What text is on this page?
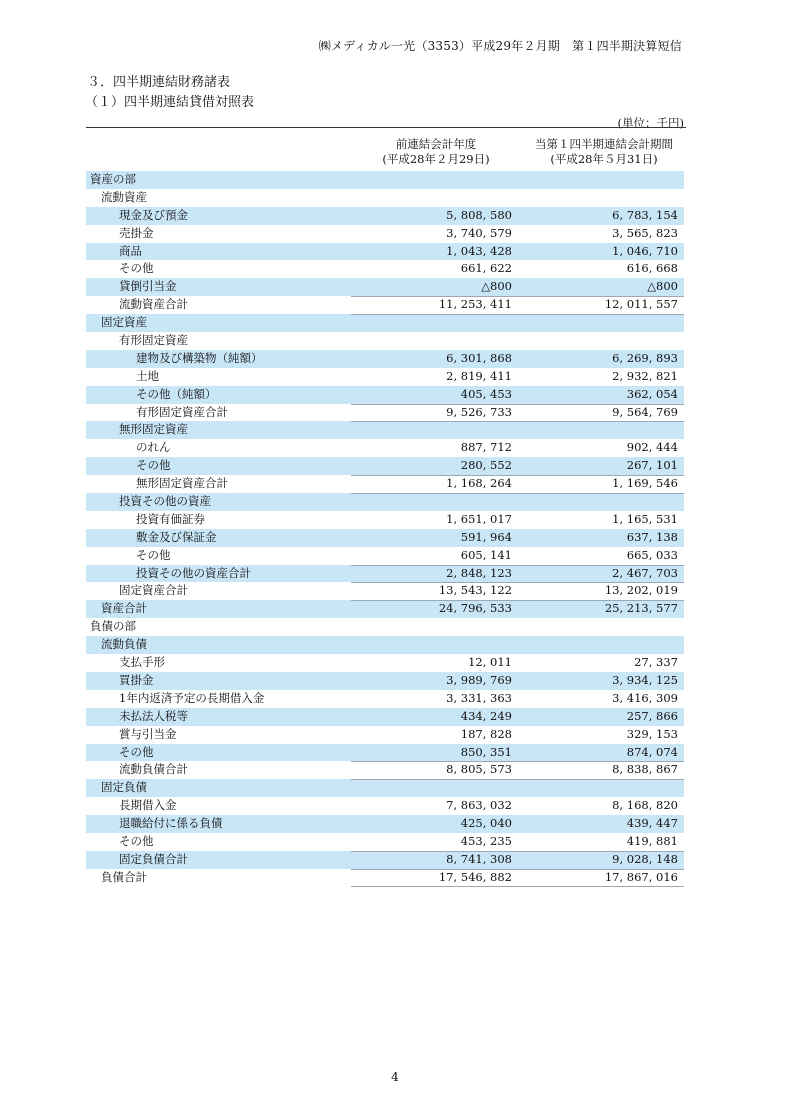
㈱メディカル一光（3353）平成29年２月期　第１四半期決算短信
３．四半期連結財務諸表
（１）四半期連結貸借対照表
(単位：千円)
前連結会計年度
(平成28年２月29日)
当第１四半期連結会計期間
(平成28年５月31日)
資産の部
流動資産
現金及び預金	5, 808, 580	6, 783, 154
売掛金	3, 740, 579	3, 565, 823
商品	1, 043, 428	1, 046, 710
その他	661, 622	616, 668
貸倒引当金	△800	△800
流動資産合計	11, 253, 411	12, 011, 557
固定資産
有形固定資産
建物及び構築物（純額）	6, 301, 868	6, 269, 893
土地	2, 819, 411	2, 932, 821
その他（純額）	405, 453	362, 054
有形固定資産合計	9, 526, 733	9, 564, 769
無形固定資産
のれん	887, 712	902, 444
その他	280, 552	267, 101
無形固定資産合計	1, 168, 264	1, 169, 546
投資その他の資産
投資有価証券	1, 651, 017	1, 165, 531
敷金及び保証金	591, 964	637, 138
その他	605, 141	665, 033
投資その他の資産合計	2, 848, 123	2, 467, 703
固定資産合計	13, 543, 122	13, 202, 019
資産合計	24, 796, 533	25, 213, 577
負債の部
流動負債
支払手形	12, 011	27, 337
買掛金	3, 989, 769	3, 934, 125
1年内返済予定の長期借入金	3, 331, 363	3, 416, 309
未払法人税等	434, 249	257, 866
賞与引当金	187, 828	329, 153
その他	850, 351	874, 074
流動負債合計	8, 805, 573	8, 838, 867
固定負債
長期借入金	7, 863, 032	8, 168, 820
退職給付に係る負債	425, 040	439, 447
その他	453, 235	419, 881
固定負債合計	8, 741, 308	9, 028, 148
負債合計	17, 546, 882	17, 867, 016
4
